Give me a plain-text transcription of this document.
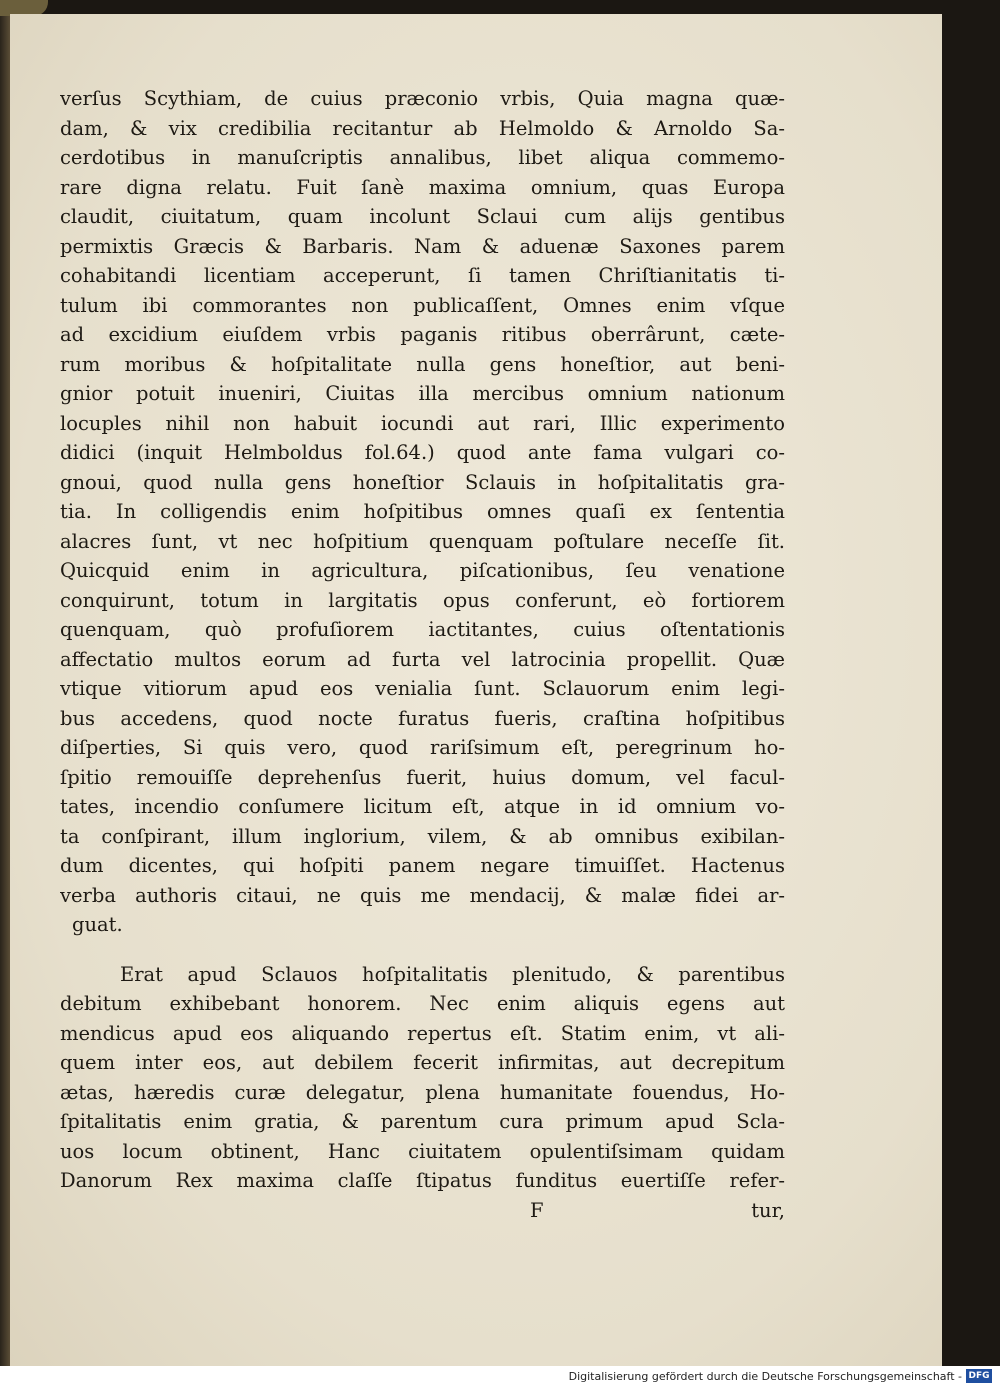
verſus Scythiam, de cuius præconio vrbis, Quia magna quæ-
dam, & vix credibilia recitantur ab Helmoldo & Arnoldo Sa-
cerdotibus in manuſcriptis annalibus, libet aliqua commemo-
rare digna relatu. Fuit ſanè maxima omnium, quas Europa
claudit, ciuitatum, quam incolunt Sclaui cum alijs gentibus
permixtis Græcis & Barbaris. Nam & aduenæ Saxones parem
cohabitandi licentiam acceperunt, ſi tamen Chriſtianitatis ti-
tulum ibi commorantes non publicaſſent, Omnes enim vſque
ad excidium eiuſdem vrbis paganis ritibus oberrârunt, cæte-
rum moribus & hoſpitalitate nulla gens honeſtior, aut beni-
gnior potuit inueniri, Ciuitas illa mercibus omnium nationum
locuples nihil non habuit iocundi aut rari, Illic experimento
didici (inquit Helmboldus fol.64.) quod ante fama vulgari co-
gnoui, quod nulla gens honeſtior Sclauis in hoſpitalitatis gra-
tia. In colligendis enim hoſpitibus omnes quaſi ex ſententia
alacres ſunt, vt nec hoſpitium quenquam poſtulare neceſſe ſit.
Quicquid enim in agricultura, piſcationibus, ſeu venatione
conquirunt, totum in largitatis opus conferunt, eò fortiorem
quenquam, quò profuſiorem iactitantes, cuius oſtentationis
affectatio multos eorum ad furta vel latrocinia propellit. Quæ
vtique vitiorum apud eos venialia ſunt. Sclauorum enim legi-
bus accedens, quod nocte furatus fueris, craſtina hoſpitibus
diſperties, Si quis vero, quod rariſsimum eſt, peregrinum ho-
ſpitio remouiſſe deprehenſus fuerit, huius domum, vel facul-
tates, incendio conſumere licitum eſt, atque in id omnium vo-
ta conſpirant, illum inglorium, vilem, & ab omnibus exibilan-
dum dicentes, qui hoſpiti panem negare timuiſſet. Hactenus
verba authoris citaui, ne quis me mendacij, & malæ fidei ar-
guat.
Erat apud Sclauos hoſpitalitatis plenitudo, & parentibus
debitum exhibebant honorem. Nec enim aliquis egens aut
mendicus apud eos aliquando repertus eſt. Statim enim, vt ali-
quem inter eos, aut debilem fecerit infirmitas, aut decrepitum
ætas, hæredis curæ delegatur, plena humanitate fouendus, Ho-
ſpitalitatis enim gratia, & parentum cura primum apud Scla-
uos locum obtinent, Hanc ciuitatem opulentiſsimam quidam
Danorum Rex maxima claſſe ſtipatus funditus euertiſſe refer-

F

	tur,

Digitalisierung gefördert durch die Deutsche Forschungsgemeinschaft - DFG
